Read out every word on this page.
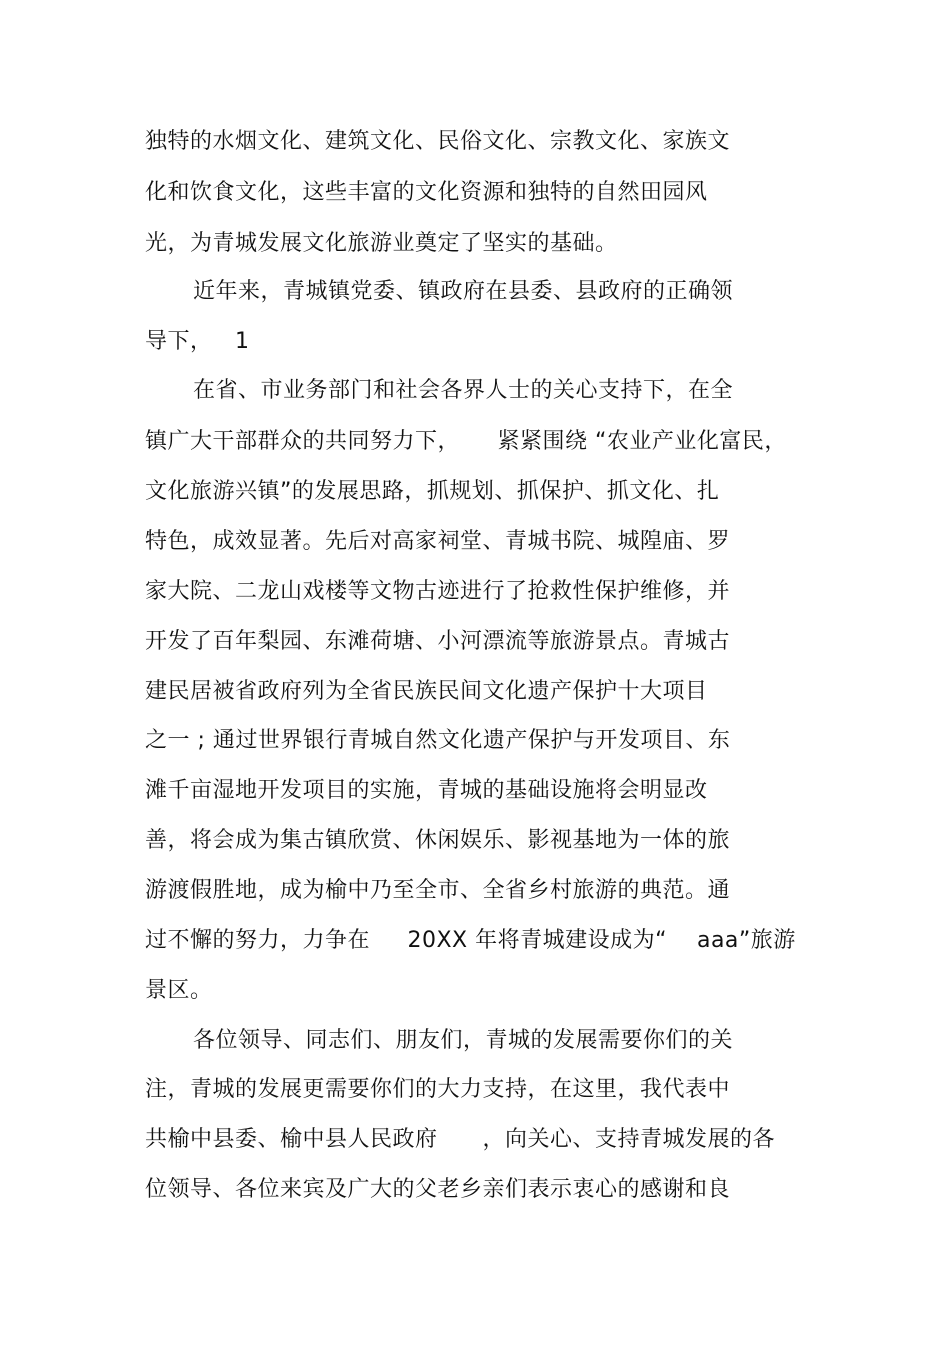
独特的水烟文化、建筑文化、民俗文化、宗教文化、家族文
化和饮食文化，这些丰富的文化资源和独特的自然田园风
光，为青城发展文化旅游业奠定了坚实的基础。
近年来，青城镇党委、镇政府在县委、县政府的正确领
导下，   1
在省、市业务部门和社会各界人士的关心支持下，在全
镇广大干部群众的共同努力下，     紧紧围绕 “农业产业化富民，
文化旅游兴镇”的发展思路，抓规划、抓保护、抓文化、扎
特色，成效显著。先后对高家祠堂、青城书院、城隍庙、罗
家大院、二龙山戏楼等文物古迹进行了抢救性保护维修，并
开发了百年梨园、东滩荷塘、小河漂流等旅游景点。青城古
建民居被省政府列为全省民族民间文化遗产保护十大项目
之一 ; 通过世界银行青城自然文化遗产保护与开发项目、东
滩千亩湿地开发项目的实施，青城的基础设施将会明显改
善，将会成为集古镇欣赏、休闲娱乐、影视基地为一体的旅
游渡假胜地，成为榆中乃至全市、全省乡村旅游的典范。通
过不懈的努力，力争在     20XX 年将青城建设成为“    aaa”旅游
景区。
各位领导、同志们、朋友们，青城的发展需要你们的关
注，青城的发展更需要你们的大力支持，在这里，我代表中
共榆中县委、榆中县人民政府      ，向关心、支持青城发展的各
位领导、各位来宾及广大的父老乡亲们表示衷心的感谢和良
